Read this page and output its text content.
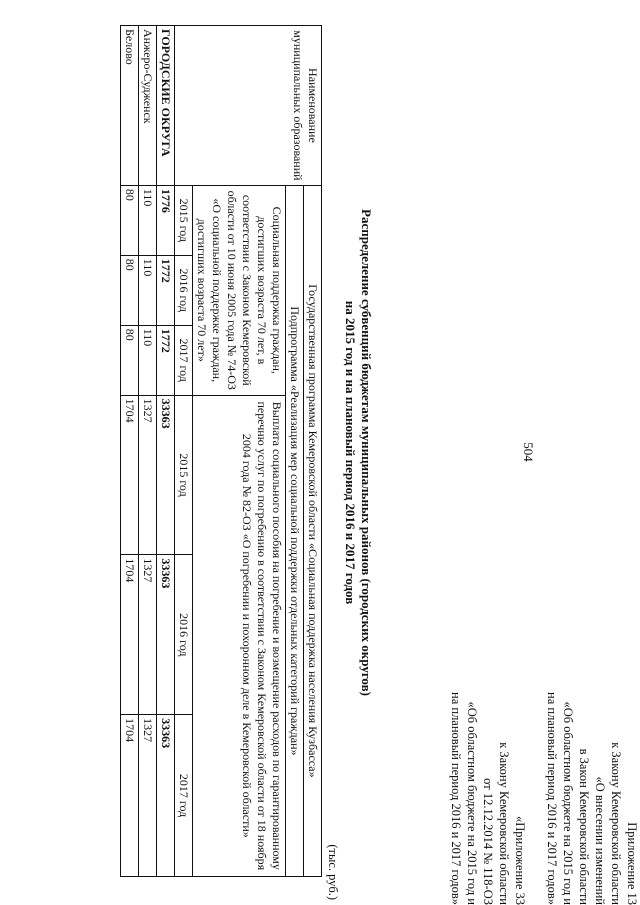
504
Приложение 13
к Закону Кемеровской области
«О внесении изменений
в Закон Кемеровской области
«Об областном бюджете на 2015 год и
на плановый период 2016 и 2017 годов»
«Приложение 33
к Закону Кемеровской области
от 12.12.2014 № 118-ОЗ
«Об областном бюджете на 2015 год и
на плановый период 2016 и 2017 годов»
Распределение субвенций бюджетам муниципальных районов (городских округов)
на 2015 год и на плановый период 2016 и 2017 годов
(тыс. руб.)
Наименование муниципальных образований	Государственная программа Кемеровской области «Социальная поддержка населения Кузбасса»					
	Подпрограмма «Реализация мер социальной поддержки отдельных категорий граждан»					
	Социальная поддержка граждан, достигших возраста 70 лет, в соответствии с Законом Кемеровской области от 10 июня 2005 года № 74-ОЗ «О социальной поддержке граждан, достигших возраста 70 лет»			Выплата социального пособия на погребение и возмещение расходов по гарантированному перечню услуг по погребению в соответствии с Законом Кемеровской области от 18 ноября 2004 года № 82-ОЗ «О погребении и похоронном деле в Кемеровской области»		
	2015 год	2016 год	2017 год	2015 год	2016 год	2017 год
ГОРОДСКИЕ ОКРУГА	1776	1772	1772	33363	33363	33363
Анжеро-Судженск	110	110	110	1327	1327	1327
Белово	80	80	80	1704	1704	1704
